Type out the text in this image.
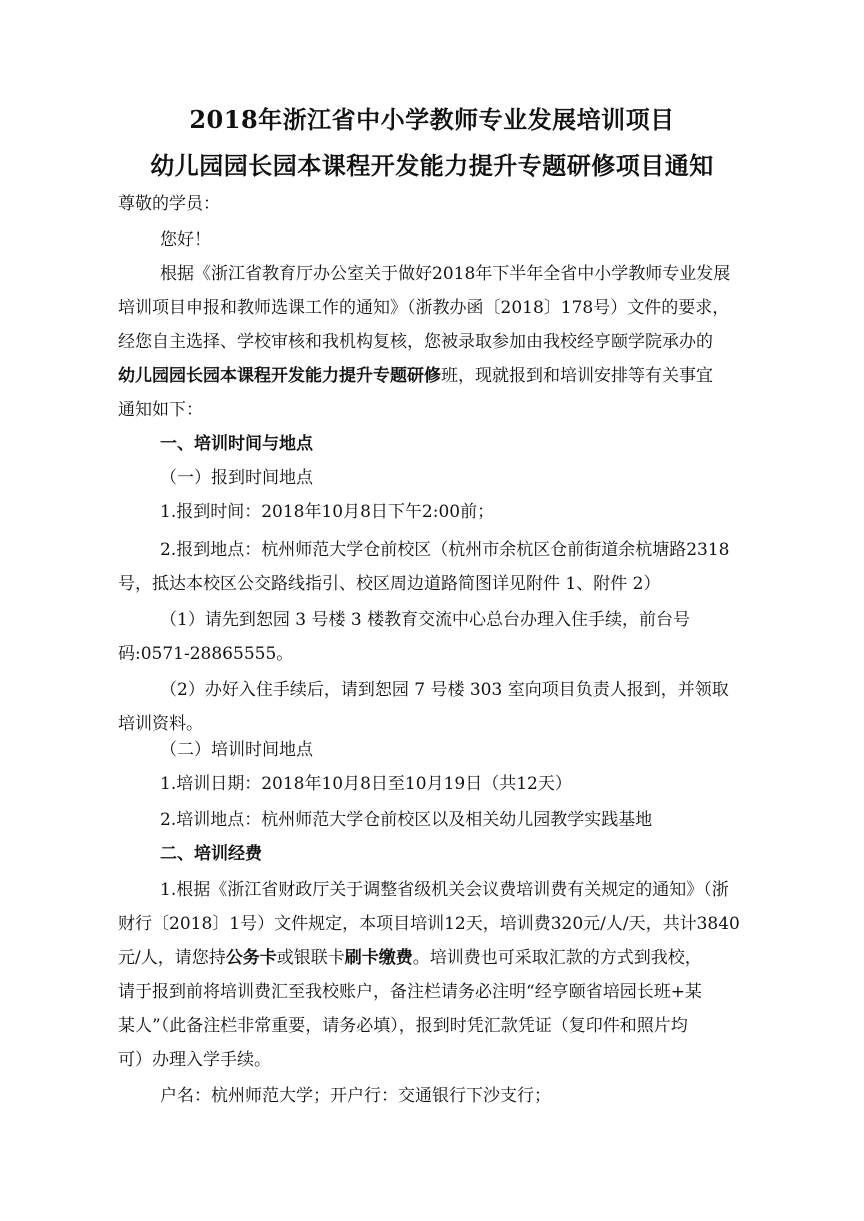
2018年浙江省中小学教师专业发展培训项目
幼儿园园长园本课程开发能力提升专题研修项目通知
尊敬的学员：
您好！
根据《浙江省教育厅办公室关于做好2018年下半年全省中小学教师专业发展
培训项目申报和教师选课工作的通知》（浙教办函〔2018〕178号）文件的要求，
经您自主选择、学校审核和我机构复核，您被录取参加由我校经亨颐学院承办的
幼儿园园长园本课程开发能力提升专题研修班，现就报到和培训安排等有关事宜
通知如下：
一、培训时间与地点
（一）报到时间地点
1.报到时间：2018年10月8日下午2:00前；
2.报到地点：杭州师范大学仓前校区（杭州市余杭区仓前街道余杭塘路2318
号，抵达本校区公交路线指引、校区周边道路简图详见附件 1、附件 2）
（1）请先到恕园 3 号楼 3 楼教育交流中心总台办理入住手续，前台号
码:0571-28865555。
（2）办好入住手续后，请到恕园 7 号楼 303 室向项目负责人报到，并领取
培训资料。
（二）培训时间地点
1.培训日期：2018年10月8日至10月19日（共12天）
2.培训地点：杭州师范大学仓前校区以及相关幼儿园教学实践基地
二、培训经费
1.根据《浙江省财政厅关于调整省级机关会议费培训费有关规定的通知》（浙
财行〔2018〕1号）文件规定，本项目培训12天，培训费320元/人/天，共计3840
元/人，请您持公务卡或银联卡刷卡缴费。培训费也可采取汇款的方式到我校，
请于报到前将培训费汇至我校账户，备注栏请务必注明“经亨颐省培园长班+某
某人”（此备注栏非常重要，请务必填），报到时凭汇款凭证（复印件和照片均
可）办理入学手续。
户名：杭州师范大学；开户行：交通银行下沙支行；
